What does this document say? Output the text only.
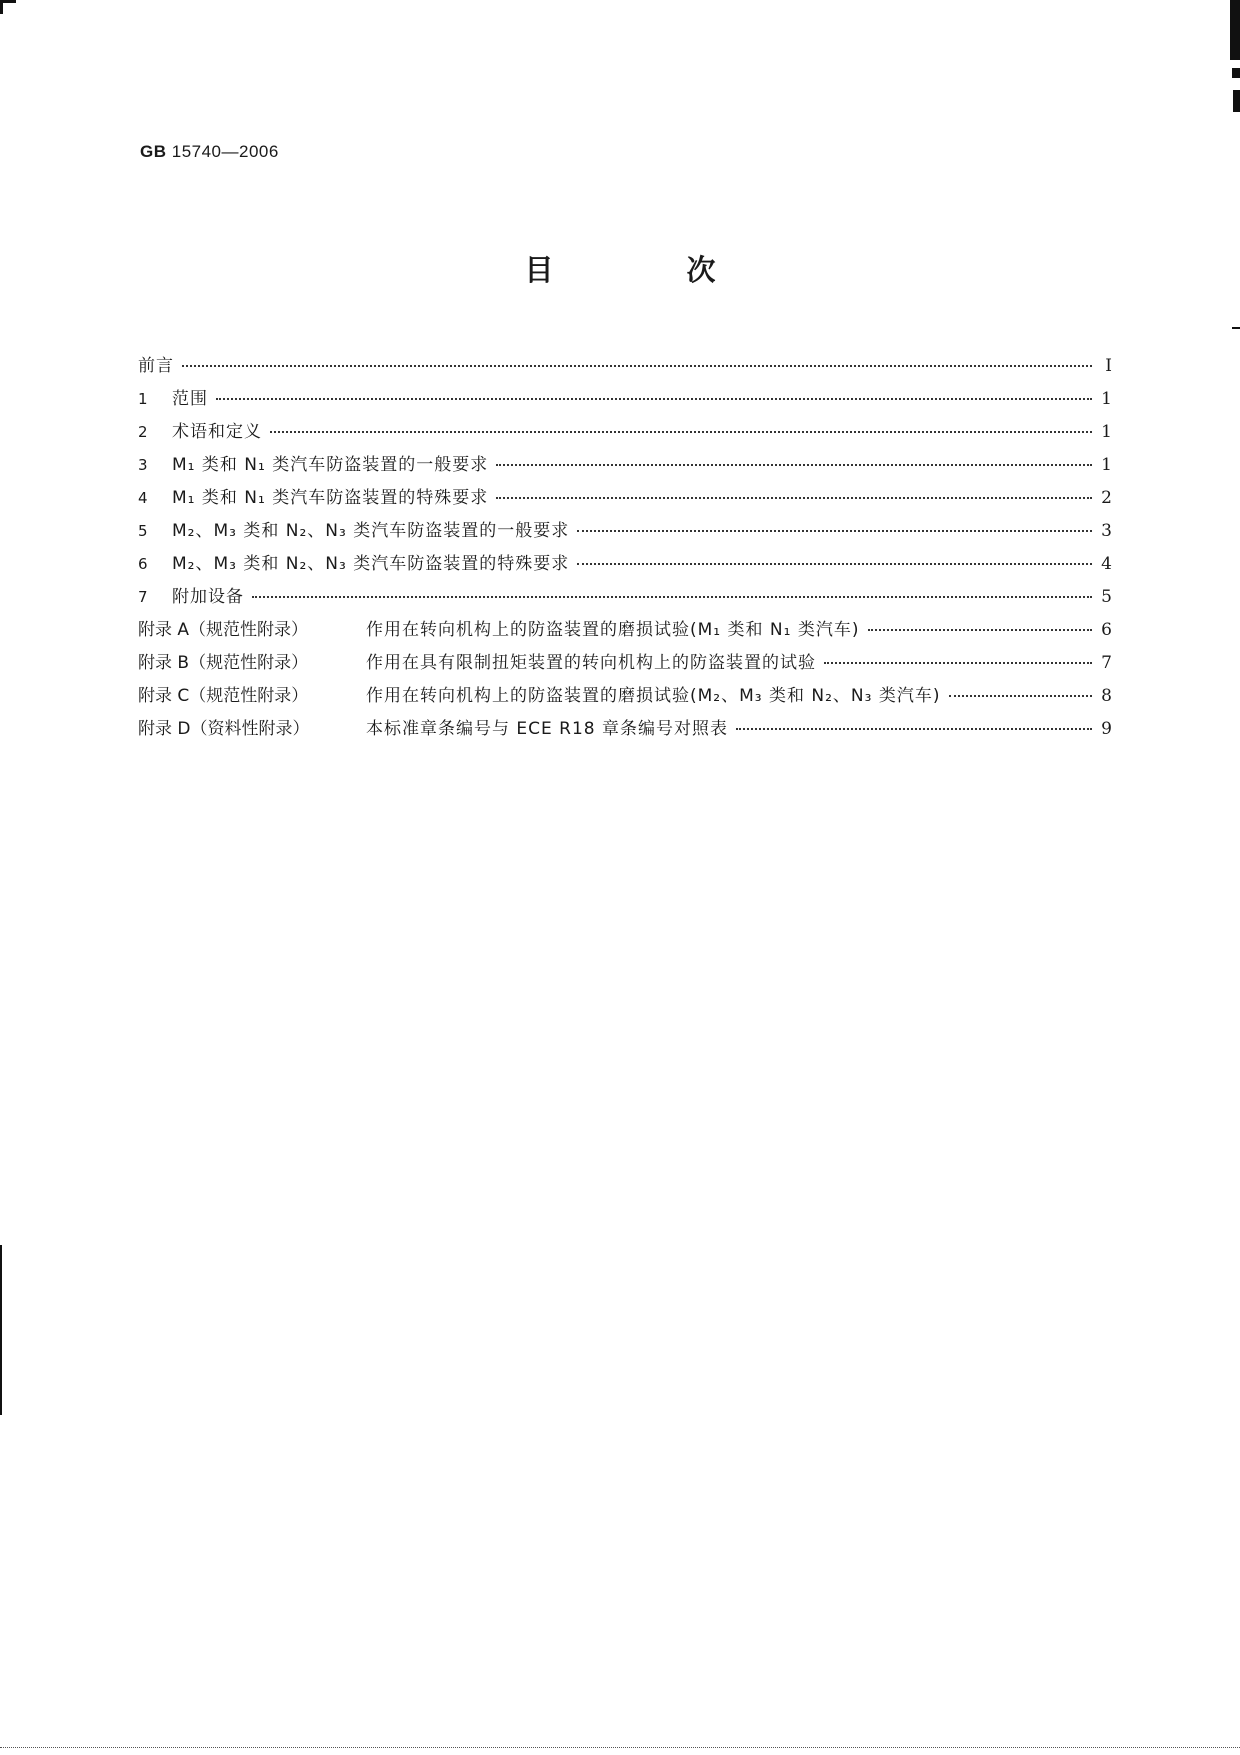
GB 15740—2006
目　次
前言	Ⅰ
1	范围	1
2	术语和定义	1
3	M₁ 类和 N₁ 类汽车防盗装置的一般要求	1
4	M₁ 类和 N₁ 类汽车防盗装置的特殊要求	2
5	M₂、M₃ 类和 N₂、N₃ 类汽车防盗装置的一般要求	3
6	M₂、M₃ 类和 N₂、N₃ 类汽车防盗装置的特殊要求	4
7	附加设备	5
附录 A（规范性附录）	作用在转向机构上的防盗装置的磨损试验(M₁ 类和 N₁ 类汽车)	6
附录 B（规范性附录）	作用在具有限制扭矩装置的转向机构上的防盗装置的试验	7
附录 C（规范性附录）	作用在转向机构上的防盗装置的磨损试验(M₂、M₃ 类和 N₂、N₃ 类汽车)	8
附录 D（资料性附录）	本标准章条编号与 ECE R18 章条编号对照表	9
